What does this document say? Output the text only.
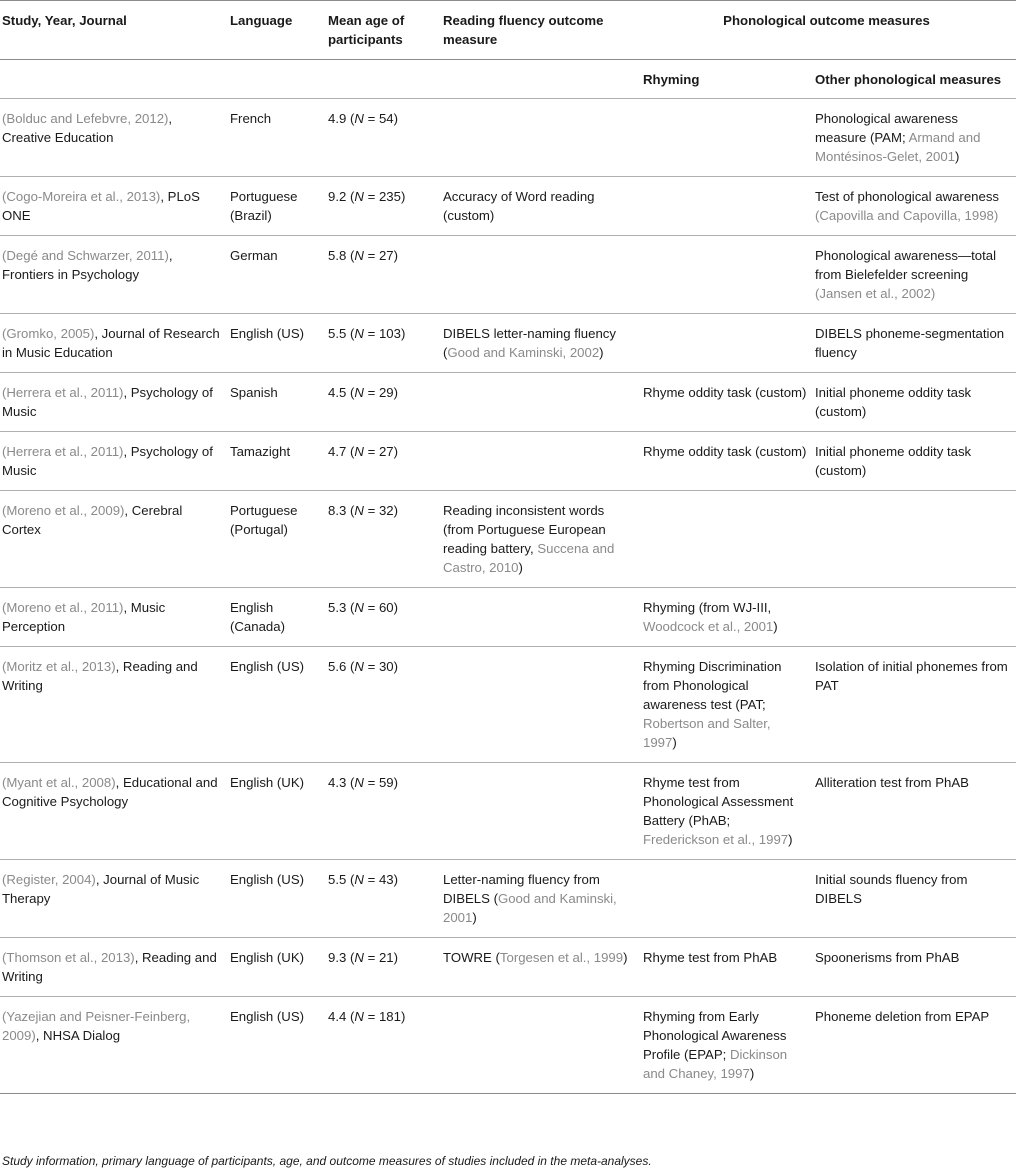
Study, Year, Journal	Language	Mean age of participants	Reading fluency outcome measure	Phonological outcome measures	
				Rhyming	Other phonological measures
(Bolduc and Lefebvre, 2012), Creative Education	French	4.9 (N = 54)			Phonological awareness measure (PAM; Armand and Montésinos-Gelet, 2001)
(Cogo-Moreira et al., 2013), PLoS ONE	Portuguese (Brazil)	9.2 (N = 235)	Accuracy of Word reading (custom)		Test of phonological awareness (Capovilla and Capovilla, 1998)
(Degé and Schwarzer, 2011), Frontiers in Psychology	German	5.8 (N = 27)			Phonological awareness—total from Bielefelder screening (Jansen et al., 2002)
(Gromko, 2005), Journal of Research in Music Education	English (US)	5.5 (N = 103)	DIBELS letter-naming fluency (Good and Kaminski, 2002)		DIBELS phoneme-segmentation fluency
(Herrera et al., 2011), Psychology of Music	Spanish	4.5 (N = 29)		Rhyme oddity task (custom)	Initial phoneme oddity task (custom)
(Herrera et al., 2011), Psychology of Music	Tamazight	4.7 (N = 27)		Rhyme oddity task (custom)	Initial phoneme oddity task (custom)
(Moreno et al., 2009), Cerebral Cortex	Portuguese (Portugal)	8.3 (N = 32)	Reading inconsistent words (from Portuguese European reading battery, Succena and Castro, 2010)		
(Moreno et al., 2011), Music Perception	English (Canada)	5.3 (N = 60)		Rhyming (from WJ-III, Woodcock et al., 2001)	
(Moritz et al., 2013), Reading and Writing	English (US)	5.6 (N = 30)		Rhyming Discrimination from Phonological awareness test (PAT; Robertson and Salter, 1997)	Isolation of initial phonemes from PAT
(Myant et al., 2008), Educational and Cognitive Psychology	English (UK)	4.3 (N = 59)		Rhyme test from Phonological Assessment Battery (PhAB; Frederickson et al., 1997)	Alliteration test from PhAB
(Register, 2004), Journal of Music Therapy	English (US)	5.5 (N = 43)	Letter-naming fluency from DIBELS (Good and Kaminski, 2001)		Initial sounds fluency from DIBELS
(Thomson et al., 2013), Reading and Writing	English (UK)	9.3 (N = 21)	TOWRE (Torgesen et al., 1999)	Rhyme test from PhAB	Spoonerisms from PhAB
(Yazejian and Peisner-Feinberg, 2009), NHSA Dialog	English (US)	4.4 (N = 181)		Rhyming from Early Phonological Awareness Profile (EPAP; Dickinson and Chaney, 1997)	Phoneme deletion from EPAP
Study information, primary language of participants, age, and outcome measures of studies included in the meta-analyses.
